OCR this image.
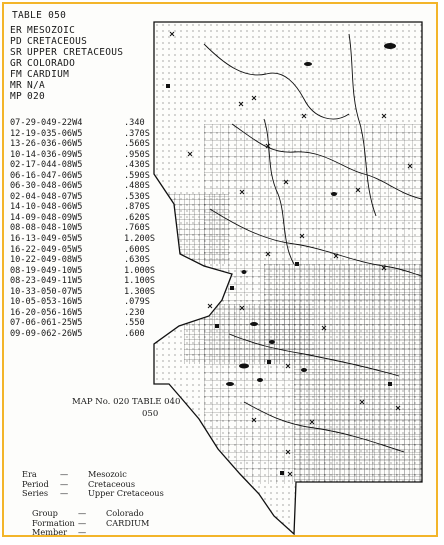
TABLE 050
ER MESOZOIC
PD CRETACEOUS
SR UPPER CRETACEOUS
GR COLORADO
FM CARDIUM
MR N/A
MP 020
07-29-049-22W4	.340
12-19-035-06W5	.370S
13-26-036-06W5	.560S
10-14-036-09W5	.950S
02-17-044-08W5	.430S
06-16-047-06W5	.590S
06-30-048-06W5	.480S
02-04-048-07W5	.530S
14-10-048-06W5	.870S
14-09-048-09W5	.620S
08-08-048-10W5	.760S
16-13-049-05W5	1.200S
16-22-049-05W5	.600S
10-22-049-08W5	.630S
08-19-049-10W5	1.000S
08-23-049-11W5	1.100S
10-33-050-07W5	1.300S
10-05-053-16W5	.079S
16-20-056-16W5	.230
07-06-061-25W5	.550
09-09-062-26W5	.600
MAP No. 020 TABLE 040
050
Era	—	Mesozoic
Period	—	Cretaceous
Series	—	Upper Cretaceous
Group	—	Colorado
Formation —	CARDIUM
Member	—
